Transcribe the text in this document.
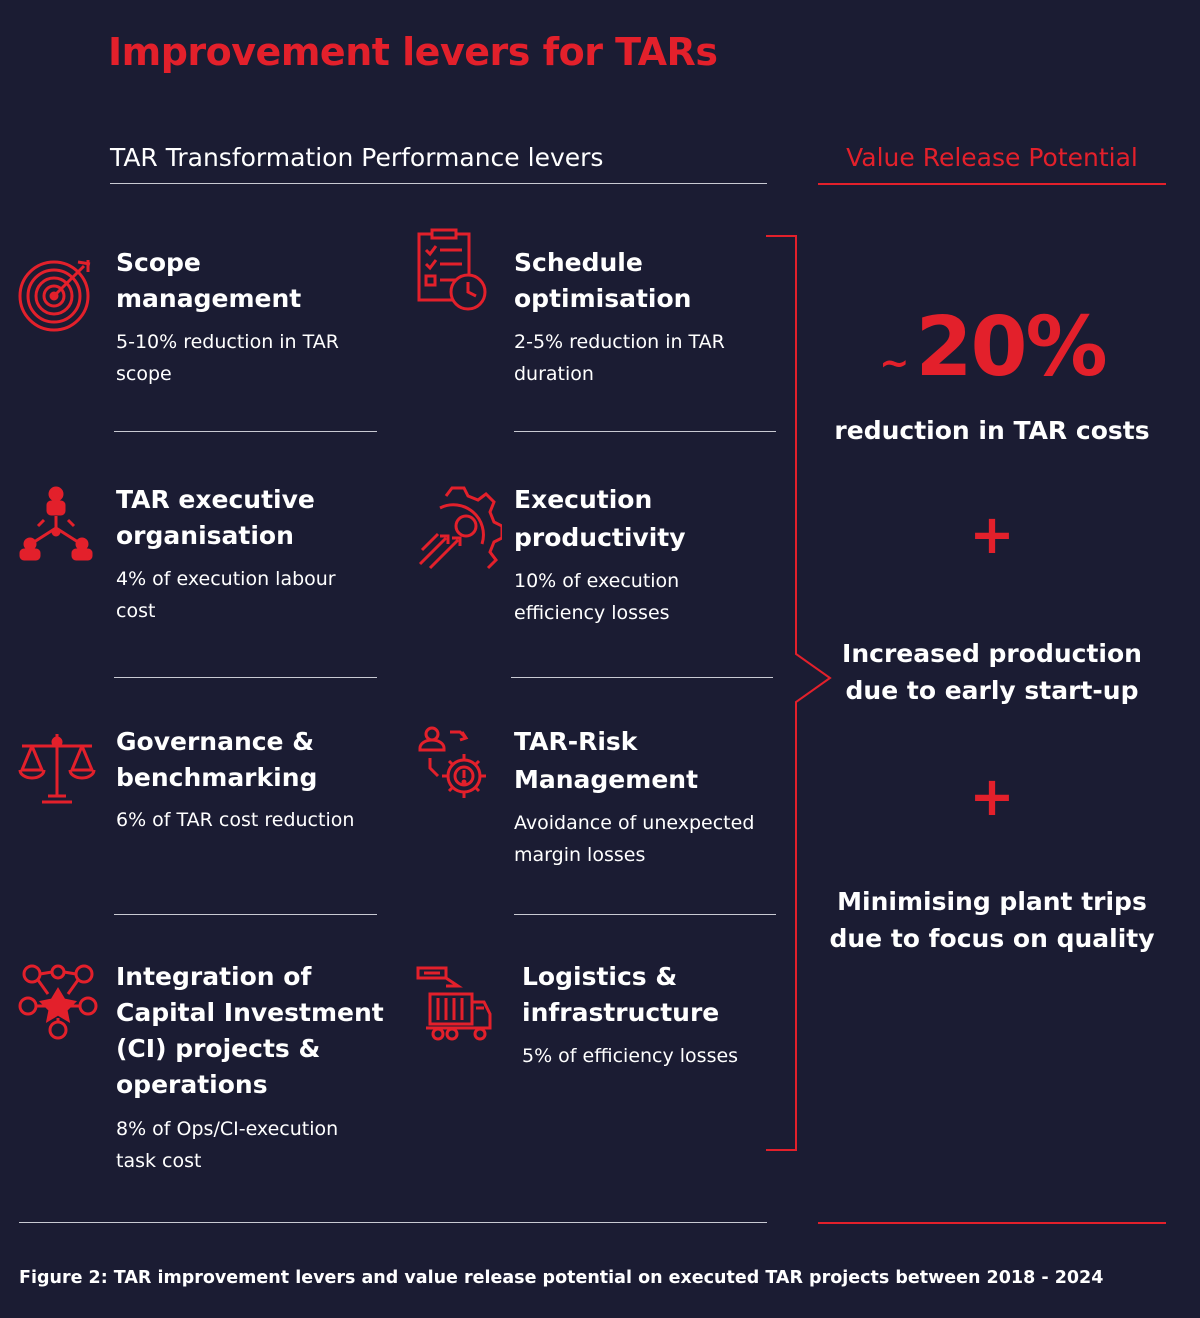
Improvement levers for TARs
TAR Transformation Performance levers	Value Release Potential
Scope
management
5-10% reduction in TAR
scope
Schedule
optimisation
2-5% reduction in TAR
duration
TAR executive
organisation
4% of execution labour
cost
Execution
productivity
10% of execution
efficiency losses
Governance &
benchmarking
6% of TAR cost reduction
TAR-Risk
Management
Avoidance of unexpected
margin losses
Integration of
Capital Investment
(CI) projects &
operations
8% of Ops/CI-execution
task cost
Logistics &
infrastructure
5% of efficiency losses
~20%
reduction in TAR costs
+
Increased production
due to early start-up
+
Minimising plant trips
due to focus on quality
Figure 2: TAR improvement levers and value release potential on executed TAR projects between 2018 - 2024
